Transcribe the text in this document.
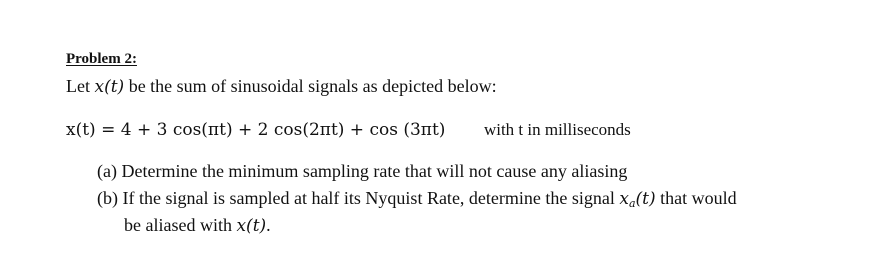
Problem 2:
Let x(t) be the sum of sinusoidal signals as depicted below:
x(t) = 4 + 3 cos(πt) + 2 cos(2πt) + cos (3πt) with t in milliseconds
(a) Determine the minimum sampling rate that will not cause any aliasing
(b) If the signal is sampled at half its Nyquist Rate, determine the signal $x_a(t)$ that would
be aliased with x(t).
